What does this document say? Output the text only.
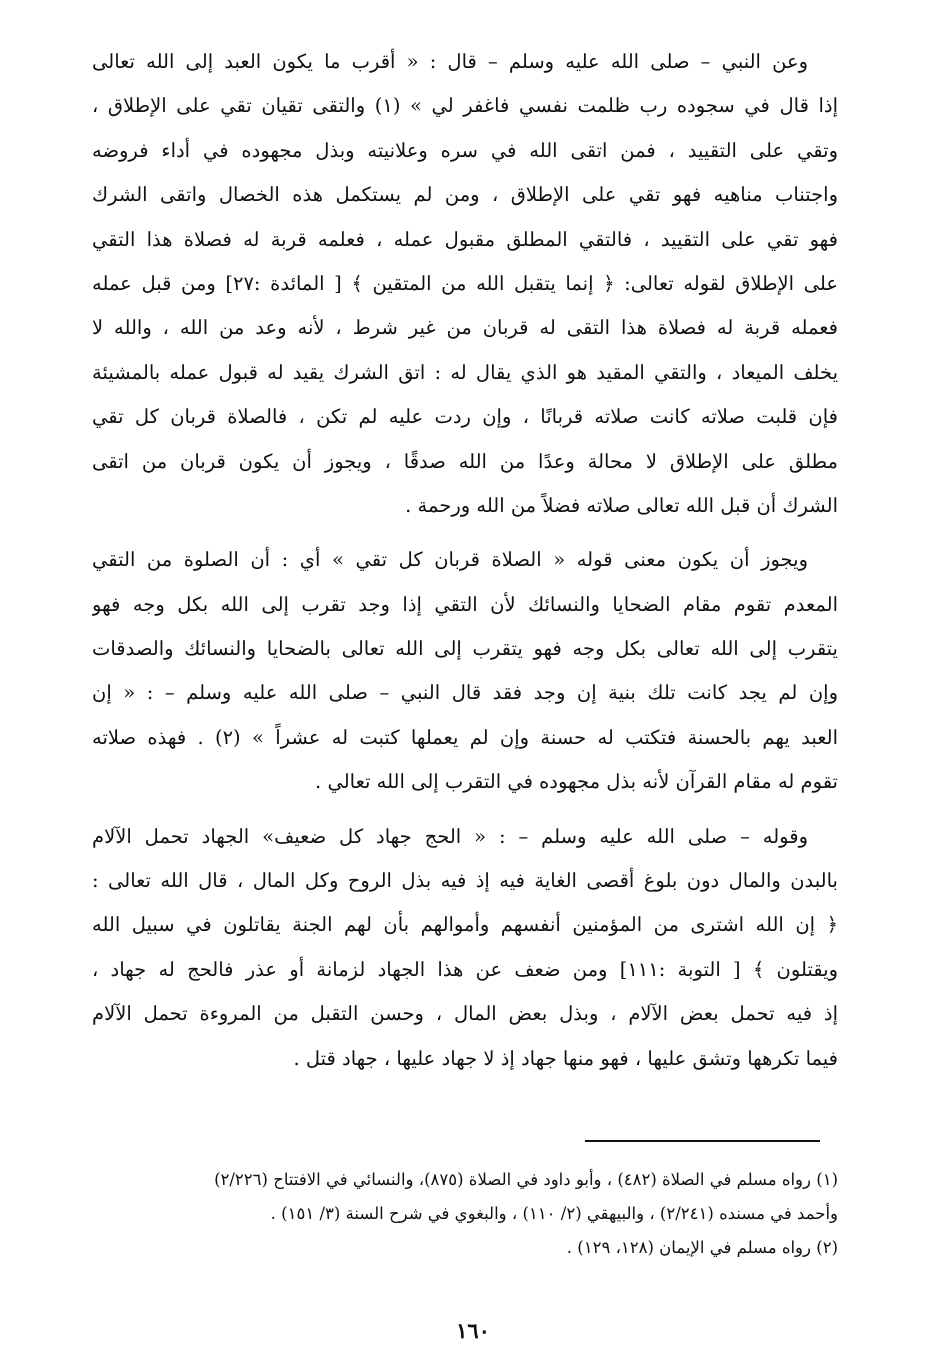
وعن النبي – صلى الله عليه وسلم – قال : « أقرب ما يكون العبد إلى الله تعالى
إذا قال في سجوده رب ظلمت نفسي فاغفر لي » (١) والتقى تقيان تقي على الإطلاق ،
وتقي على التقييد ، فمن اتقى الله في سره وعلانيته وبذل مجهوده في أداء فروضه
واجتناب مناهيه فهو تقي على الإطلاق ، ومن لم يستكمل هذه الخصال واتقى الشرك
فهو تقي على التقييد ، فالتقي المطلق مقبول عمله ، فعلمه قربة له فصلاة هذا التقي
على الإطلاق لقوله تعالى: ﴿ إنما يتقبل الله من المتقين ﴾ [ المائدة :٢٧] ومن قبل عمله
فعمله قربة له فصلاة هذا التقى له قربان من غير شرط ، لأنه وعد من الله ، والله لا
يخلف الميعاد ، والتقي المقيد هو الذي يقال له : اتق الشرك يقيد له قبول عمله بالمشيئة
فإن قلبت صلاته كانت صلاته قربانًا ، وإن ردت عليه لم تكن ، فالصلاة قربان كل تقي
مطلق على الإطلاق لا محالة وعدًا من الله صدقًا ، ويجوز أن يكون قربان من اتقى
الشرك أن قبل الله تعالى صلاته فضلاً من الله ورحمة .
ويجوز أن يكون معنى قوله « الصلاة قربان كل تقي » أي : أن الصلوة من التقي
المعدم تقوم مقام الضحايا والنسائك لأن التقي إذا وجد تقرب إلى الله بكل وجه فهو
يتقرب إلى الله تعالى بكل وجه فهو يتقرب إلى الله تعالى بالضحايا والنسائك والصدقات
وإن لم يجد كانت تلك بنية إن وجد فقد قال النبي – صلى الله عليه وسلم – : « إن
العبد يهم بالحسنة فتكتب له حسنة وإن لم يعملها كتبت له عشراً » (٢) . فهذه صلاته
تقوم له مقام القرآن لأنه بذل مجهوده في التقرب إلى الله تعالي .
وقوله – صلى الله عليه وسلم – : « الحج جهاد كل ضعيف» الجهاد تحمل الآلام
بالبدن والمال دون بلوغ أقصى الغاية فيه إذ فيه بذل الروح وكل المال ، قال الله تعالى :
﴿ إن الله اشترى من المؤمنين أنفسهم وأموالهم بأن لهم الجنة يقاتلون في سبيل الله
ويقتلون ﴾ [ التوبة :١١١] ومن ضعف عن هذا الجهاد لزمانة أو عذر فالحج له جهاد ،
إذ فيه تحمل بعض الآلام ، وبذل بعض المال ، وحسن التقبل من المروءة تحمل الآلام
فيما تكرهها وتشق عليها ، فهو منها جهاد إذ لا جهاد عليها ، جهاد قتل .
(١) رواه مسلم في الصلاة (٤٨٢) ، وأبو داود في الصلاة (٨٧٥)، والنسائي في الافتتاح (٢/٢٢٦)
وأحمد في مسنده (٢/٢٤١) ، والبيهقي (٢/ ١١٠) ، والبغوي في شرح السنة (٣/ ١٥١) .
(٢) رواه مسلم في الإيمان (١٢٨، ١٢٩) .
١٦٠
